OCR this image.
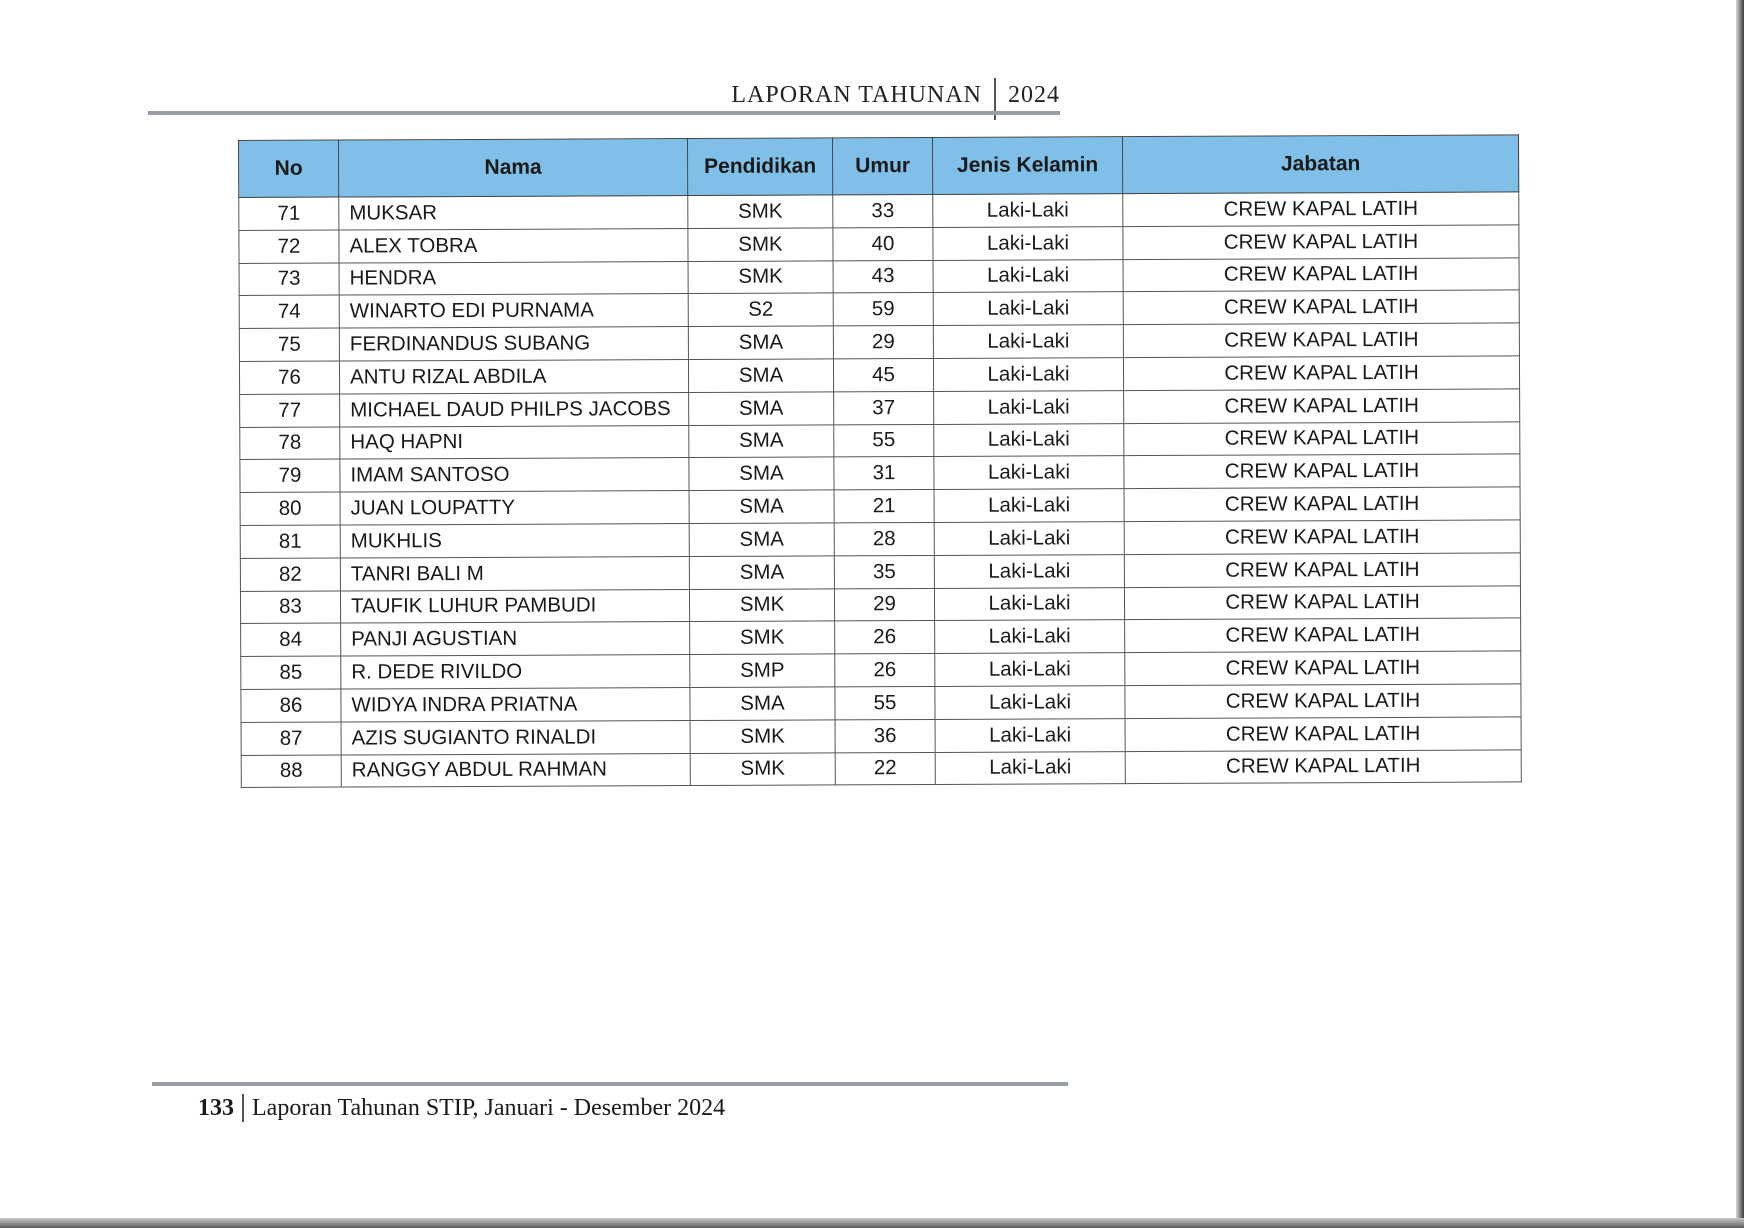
LAPORAN TAHUNAN	2024
No	Nama	Pendidikan	Umur	Jenis Kelamin	Jabatan
71	MUKSAR	SMK	33	Laki-Laki	CREW KAPAL LATIH
72	ALEX TOBRA	SMK	40	Laki-Laki	CREW KAPAL LATIH
73	HENDRA	SMK	43	Laki-Laki	CREW KAPAL LATIH
74	WINARTO EDI PURNAMA	S2	59	Laki-Laki	CREW KAPAL LATIH
75	FERDINANDUS SUBANG	SMA	29	Laki-Laki	CREW KAPAL LATIH
76	ANTU RIZAL ABDILA	SMA	45	Laki-Laki	CREW KAPAL LATIH
77	MICHAEL DAUD PHILPS JACOBS	SMA	37	Laki-Laki	CREW KAPAL LATIH
78	HAQ HAPNI	SMA	55	Laki-Laki	CREW KAPAL LATIH
79	IMAM SANTOSO	SMA	31	Laki-Laki	CREW KAPAL LATIH
80	JUAN LOUPATTY	SMA	21	Laki-Laki	CREW KAPAL LATIH
81	MUKHLIS	SMA	28	Laki-Laki	CREW KAPAL LATIH
82	TANRI BALI M	SMA	35	Laki-Laki	CREW KAPAL LATIH
83	TAUFIK LUHUR PAMBUDI	SMK	29	Laki-Laki	CREW KAPAL LATIH
84	PANJI AGUSTIAN	SMK	26	Laki-Laki	CREW KAPAL LATIH
85	R. DEDE RIVILDO	SMP	26	Laki-Laki	CREW KAPAL LATIH
86	WIDYA INDRA PRIATNA	SMA	55	Laki-Laki	CREW KAPAL LATIH
87	AZIS SUGIANTO RINALDI	SMK	36	Laki-Laki	CREW KAPAL LATIH
88	RANGGY ABDUL RAHMAN	SMK	22	Laki-Laki	CREW KAPAL LATIH
133 Laporan Tahunan STIP, Januari - Desember 2024
